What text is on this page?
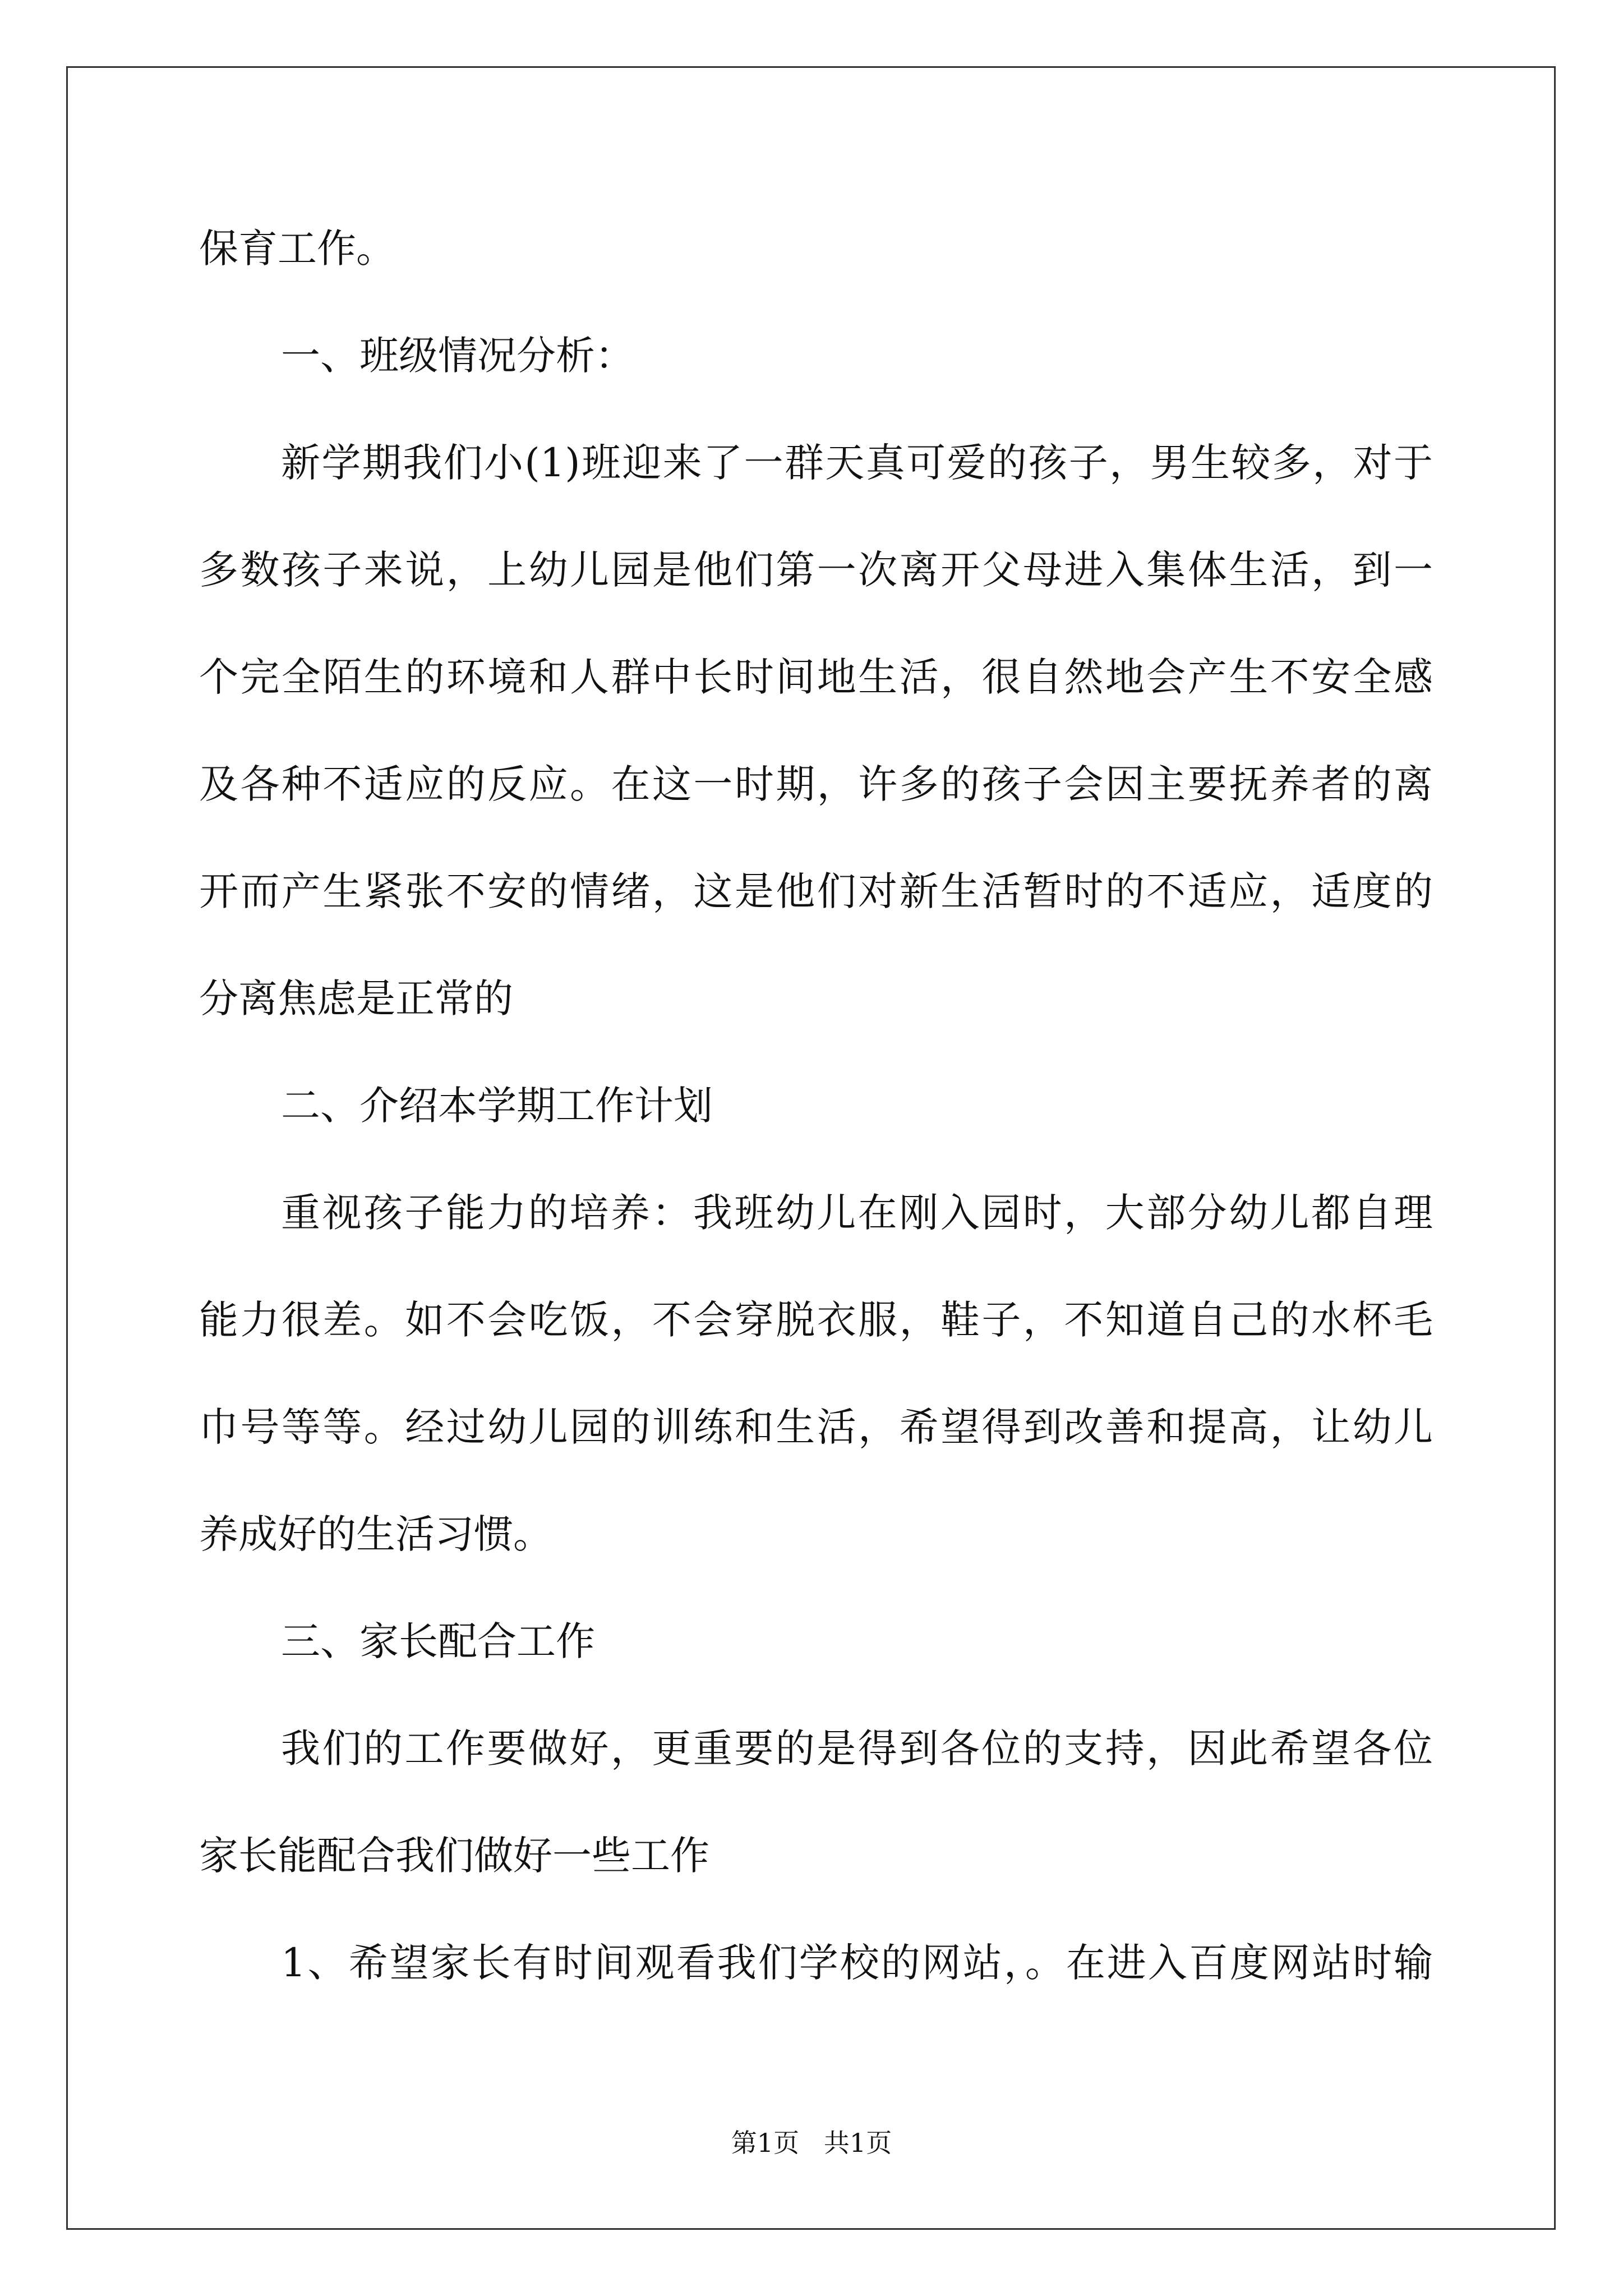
保育工作。
一、班级情况分析：
新学期我们小(1)班迎来了一群天真可爱的孩子，男生较多，对于
多数孩子来说，上幼儿园是他们第一次离开父母进入集体生活，到一
个完全陌生的环境和人群中长时间地生活，很自然地会产生不安全感
及各种不适应的反应。在这一时期，许多的孩子会因主要抚养者的离
开而产生紧张不安的情绪，这是他们对新生活暂时的不适应，适度的
分离焦虑是正常的
二、介绍本学期工作计划
重视孩子能力的培养：我班幼儿在刚入园时，大部分幼儿都自理
能力很差。如不会吃饭，不会穿脱衣服，鞋子，不知道自己的水杯毛
巾号等等。经过幼儿园的训练和生活，希望得到改善和提高，让幼儿
养成好的生活习惯。
三、家长配合工作
我们的工作要做好，更重要的是得到各位的支持，因此希望各位
家长能配合我们做好一些工作
1、希望家长有时间观看我们学校的网站，。在进入百度网站时输
第1页   共1页
